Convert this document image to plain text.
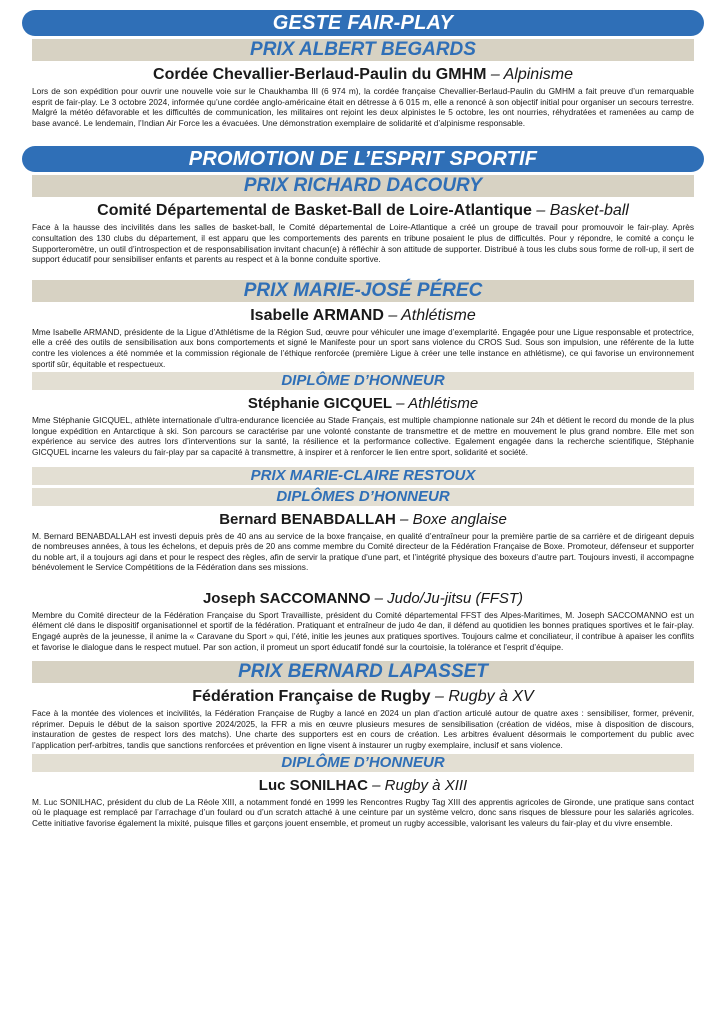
GESTE FAIR-PLAY
PRIX ALBERT BEGARDS
Cordée Chevallier-Berlaud-Paulin du GMHM – Alpinisme
Lors de son expédition pour ouvrir une nouvelle voie sur le Chaukhamba III (6 974 m), la cordée française Chevallier-Berlaud-Paulin du GMHM a fait preuve d’un remarquable esprit de fair-play. Le 3 octobre 2024, informée qu’une cordée anglo-américaine était en détresse à 6 015 m, elle a renoncé à son objectif initial pour organiser un secours terrestre. Malgré la météo défavorable et les difficultés de communication, les militaires ont rejoint les deux alpinistes le 5 octobre, les ont nourries, réhydratées et ramenées au camp de base avancé. Le lendemain, l’Indian Air Force les a évacuées. Une démonstration exemplaire de solidarité et d’alpinisme responsable.
PROMOTION DE L’ESPRIT SPORTIF
PRIX RICHARD DACOURY
Comité Départemental de Basket-Ball de Loire-Atlantique – Basket-ball
Face à la hausse des incivilités dans les salles de basket-ball, le Comité départemental de Loire-Atlantique a créé un groupe de travail pour promouvoir le fair-play. Après consultation des 130 clubs du département, il est apparu que les comportements des parents en tribune posaient le plus de difficultés. Pour y répondre, le comité a conçu le Supporteromètre, un outil d’introspection et de responsabilisation invitant chacun(e) à réfléchir à son attitude de supporter. Distribué à tous les clubs sous forme de roll-up, il sert de support éducatif pour sensibiliser enfants et parents au respect et à la bonne conduite sportive.
PRIX MARIE-JOSÉ PÉREC
Isabelle ARMAND – Athlétisme
Mme Isabelle ARMAND, présidente de la Ligue d’Athlétisme de la Région Sud, œuvre pour véhiculer une image d’exemplarité. Engagée pour une Ligue responsable et protectrice, elle a créé des outils de sensibilisation aux bons comportements et signé le Manifeste pour un sport sans violence du CROS Sud. Sous son impulsion, une référente de la lutte contre les violences a été nommée et la commission régionale de l’éthique renforcée (première Ligue à créer une telle instance en athlétisme), ce qui favorise un environnement sportif sûr, équitable et respectueux.
DIPLÔME D’HONNEUR
Stéphanie GICQUEL – Athlétisme
Mme Stéphanie GICQUEL, athlète internationale d’ultra-endurance licenciée au Stade Français, est multiple championne nationale sur 24h et détient le record du monde de la plus longue expédition en Antarctique à ski. Son parcours se caractérise par une volonté constante de transmettre et de mettre en mouvement le plus grand nombre. Elle met son expérience au service des autres lors d’interventions sur la santé, la résilience et la performance collective. Egalement engagée dans la recherche scientifique, Stéphanie GICQUEL incarne les valeurs du fair-play par sa capacité à transmettre, à inspirer et à renforcer le lien entre sport, solidarité et société.
PRIX MARIE-CLAIRE RESTOUX
DIPLÔMES D’HONNEUR
Bernard BENABDALLAH – Boxe anglaise
M. Bernard BENABDALLAH est investi depuis près de 40 ans au service de la boxe française, en qualité d’entraîneur pour la première partie de sa carrière et de dirigeant depuis de nombreuses années, à tous les échelons, et depuis près de 20 ans comme membre du Comité directeur de la Fédération Française de Boxe. Promoteur, défenseur et supporter du noble art, il a toujours agi dans et pour le respect des règles, afin de servir la pratique d’une part, et l’intégrité physique des boxeurs d’autre part. Toujours investi, il accompagne bénévolement le Service Compétitions de la Fédération dans ses missions.
Joseph SACCOMANNO – Judo/Ju-jitsu (FFST)
Membre du Comité directeur de la Fédération Française du Sport Travailliste, président du Comité départemental FFST des Alpes-Maritimes, M. Joseph SACCOMANNO est un élément clé dans le dispositif organisationnel et sportif de la fédération. Pratiquant et entraîneur de judo 4e dan, il défend au quotidien les bonnes pratiques sportives et le fair-play. Engagé auprès de la jeunesse, il anime la « Caravane du Sport » qui, l’été, initie les jeunes aux pratiques sportives. Toujours calme et conciliateur, il contribue à apaiser les conflits et favorise le dialogue dans le respect mutuel. Par son action, il promeut un sport éducatif fondé sur la courtoisie, la tolérance et l’esprit d’équipe.
PRIX BERNARD LAPASSET
Fédération Française de Rugby – Rugby à XV
Face à la montée des violences et incivilités, la Fédération Française de Rugby a lancé en 2024 un plan d’action articulé autour de quatre axes : sensibiliser, former, prévenir, réprimer. Depuis le début de la saison sportive 2024/2025, la FFR a mis en œuvre plusieurs mesures de sensibilisation (création de vidéos, mise à disposition de discours, instauration de gestes de respect lors des matchs). Une charte des supporters est en cours de création. Les arbitres évaluent désormais le comportement du public avec l’application perf-arbitres, tandis que sanctions renforcées et prévention en ligne visent à instaurer un rugby exemplaire, inclusif et sans violence.
DIPLÔME D’HONNEUR
Luc SONILHAC – Rugby à XIII
M. Luc SONILHAC, président du club de La Réole XIII, a notamment fondé en 1999 les Rencontres Rugby Tag XIII des apprentis agricoles de Gironde, une pratique sans contact où le plaquage est remplacé par l’arrachage d’un foulard ou d’un scratch attaché à une ceinture par un système velcro, donc sans risques de blessure pour les salariés agricoles. Cette initiative favorise également la mixité, puisque filles et garçons jouent ensemble, et promeut un rugby accessible, valorisant les valeurs du fair-play et du vivre ensemble.
